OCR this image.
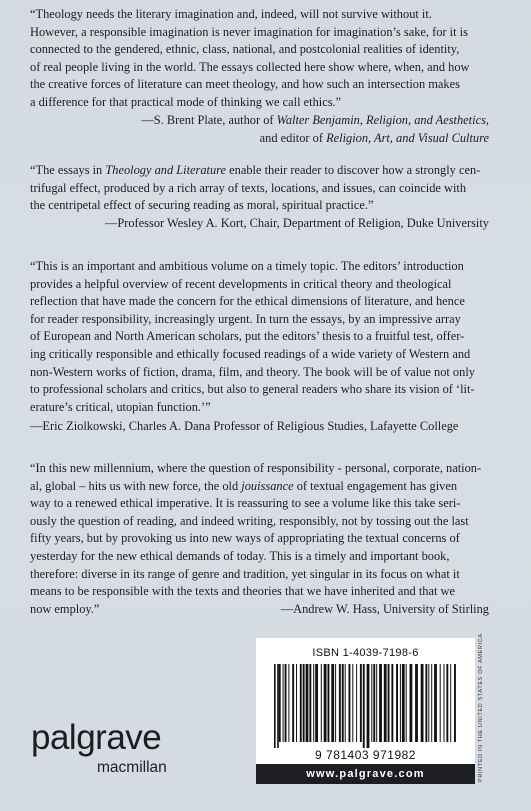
“Theology needs the literary imagination and, indeed, will not survive without it.
However, a responsible imagination is never imagination for imagination’s sake, for it is
connected to the gendered, ethnic, class, national, and postcolonial realities of identity,
of real people living in the world. The essays collected here show where, when, and how
the creative forces of literature can meet theology, and how such an intersection makes
a difference for that practical mode of thinking we call ethics.”
—S. Brent Plate, author of Walter Benjamin, Religion, and Aesthetics,
and editor of Religion, Art, and Visual Culture
“The essays in Theology and Literature enable their reader to discover how a strongly cen-
trifugal effect, produced by a rich array of texts, locations, and issues, can coincide with
the centripetal effect of securing reading as moral, spiritual practice.”
—Professor Wesley A. Kort, Chair, Department of Religion, Duke University
“This is an important and ambitious volume on a timely topic. The editors’ introduction
provides a helpful overview of recent developments in critical theory and theological
reflection that have made the concern for the ethical dimensions of literature, and hence
for reader responsibility, increasingly urgent. In turn the essays, by an impressive array
of European and North American scholars, put the editors’ thesis to a fruitful test, offer-
ing critically responsible and ethically focused readings of a wide variety of Western and
non-Western works of fiction, drama, film, and theory. The book will be of value not only
to professional scholars and critics, but also to general readers who share its vision of ‘lit-
erature’s critical, utopian function.’”
—Eric Ziolkowski, Charles A. Dana Professor of Religious Studies, Lafayette College
“In this new millennium, where the question of responsibility - personal, corporate, nation-
al, global – hits us with new force, the old jouissance of textual engagement has given
way to a renewed ethical imperative. It is reassuring to see a volume like this take seri-
ously the question of reading, and indeed writing, responsibly, not by tossing out the last
fifty years, but by provoking us into new ways of appropriating the textual concerns of
yesterday for the new ethical demands of today. This is a timely and important book,
therefore: diverse in its range of genre and tradition, yet singular in its focus on what it
means to be responsible with the texts and theories that we have inherited and that we
now employ.”	—Andrew W. Hass, University of Stirling
ISBN 1-4039-7198-6
9 781403 971982
www.palgrave.com	PRINTED IN THE UNITED STATES OF AMERICA
palgrave
macmillan
